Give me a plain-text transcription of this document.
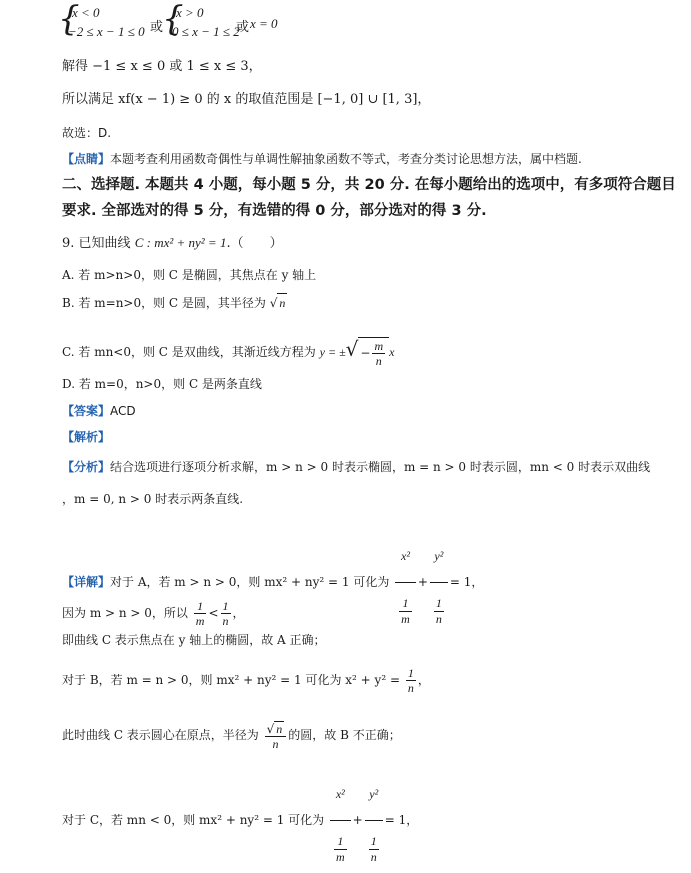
{
x < 0
−2 ≤ x − 1 ≤ 0 或
{
x > 0
0 ≤ x − 1 ≤ 2
或 x = 0
解得 −1 ≤ x ≤ 0 或 1 ≤ x ≤ 3，
所以满足 xf(x − 1) ≥ 0 的 x 的取值范围是 [−1, 0] ∪ [1, 3]，
故选：D.
【点睛】本题考查利用函数奇偶性与单调性解抽象函数不等式，考查分类讨论思想方法，属中档题.
二、选择题. 本题共 4 小题，每小题 5 分，共 20 分. 在每小题给出的选项中，有多项符合题目
要求. 全部选对的得 5 分，有选错的得 0 分，部分选对的得 3 分.
9. 已知曲线 C : mx² + ny² = 1.（　　）
A. 若 m>n>0，则 C 是椭圆，其焦点在 y 轴上
B. 若 m=n>0，则 C 是圆，其半径为 √ n
C. 若 mn<0，则 C 是双曲线，其渐近线方程为 y = ±√ − $\frac{m}{n}$ x
D. 若 m=0，n>0，则 C 是两条直线
【答案】ACD
【解析】
【分析】结合选项进行逐项分析求解，m > n > 0 时表示椭圆，m = n > 0 时表示圆，mn < 0 时表示双曲线
，m = 0, n > 0 时表示两条直线.
【详解】对于 A，若 m > n > 0，则 mx² + ny² = 1 可化为 $\frac{\text{x²}}{\frac{1}{m}} + \frac{\text{y²}}{\frac{1}{n}} = 1$，
因为 m > n > 0，所以 $\frac{1}{m} < \frac{1}{n}$ ，
即曲线 C 表示焦点在 y 轴上的椭圆，故 A 正确；
对于 B，若 m = n > 0，则 mx² + ny² = 1 可化为 $x^2 + y^2 = \frac{1}{n}$ ，
此时曲线 C 表示圆心在原点，半径为 $\frac{√ n}{n}$ 的圆，故 B 不正确；
对于 C，若 mn < 0，则 mx² + ny² = 1 可化为 $\frac{\text{x²}}{\frac{1}{m}} + \frac{\text{y²}}{\frac{1}{n}} = 1$，
